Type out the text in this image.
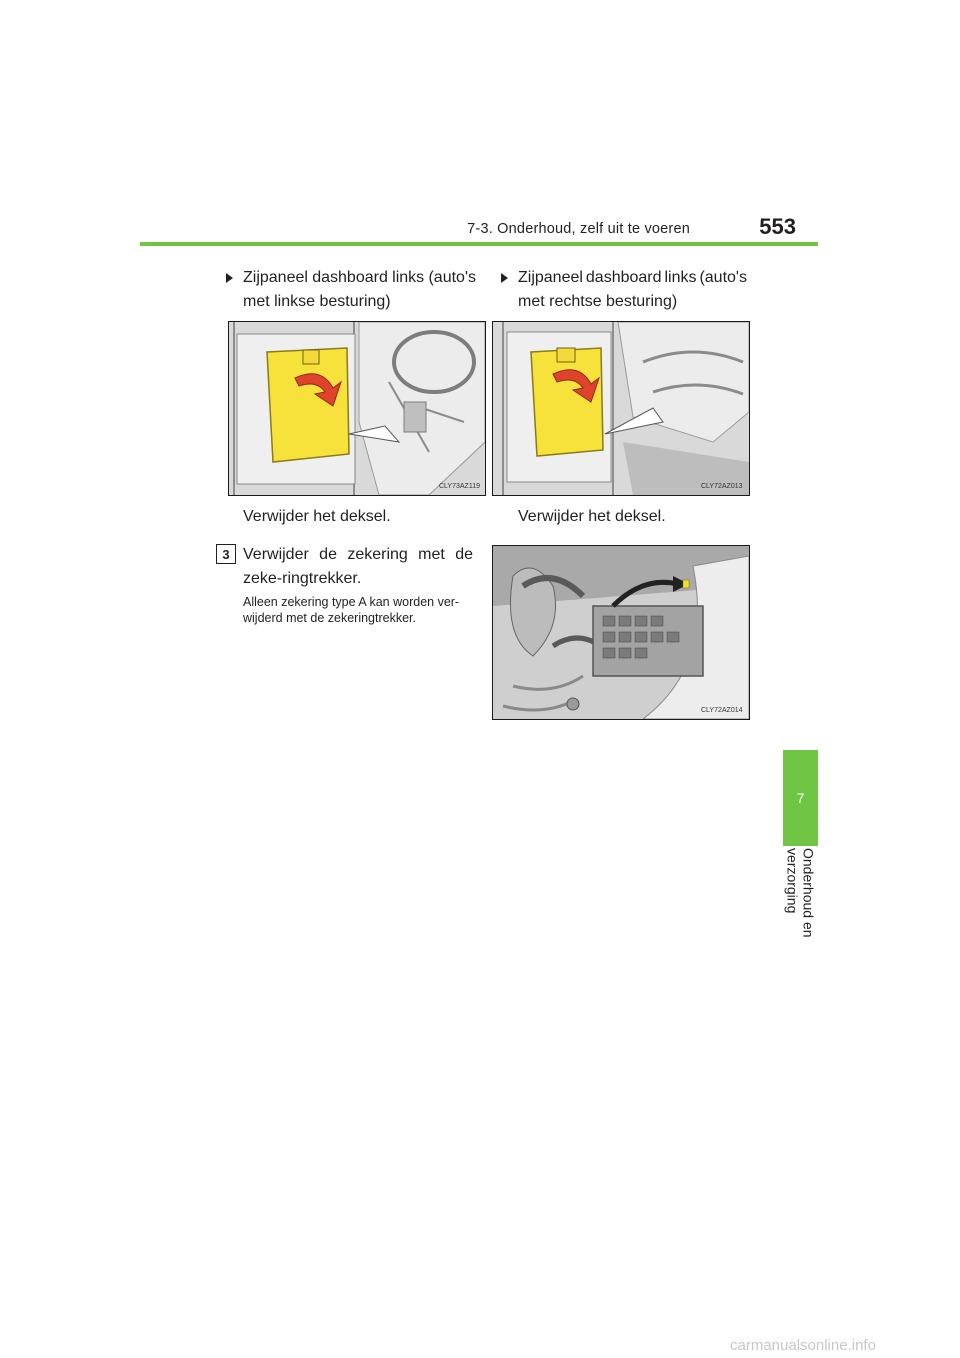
7-3. Onderhoud, zelf uit te voeren	553
7
Onderhoud en verzorging
Zijpaneel dashboard links (auto's
met linkse besturing)
Zijpaneel dashboard links (auto's
met rechtse besturing)
CLY73AZ119	CLY72AZ013
Verwijder het deksel.	Verwijder het deksel.
3 Verwijder de zekering met de zeke-ringtrekker.
Alleen zekering type A kan worden ver-wijderd met de zekeringtrekker.
CLY72AZ014
carmanualsonline.info
